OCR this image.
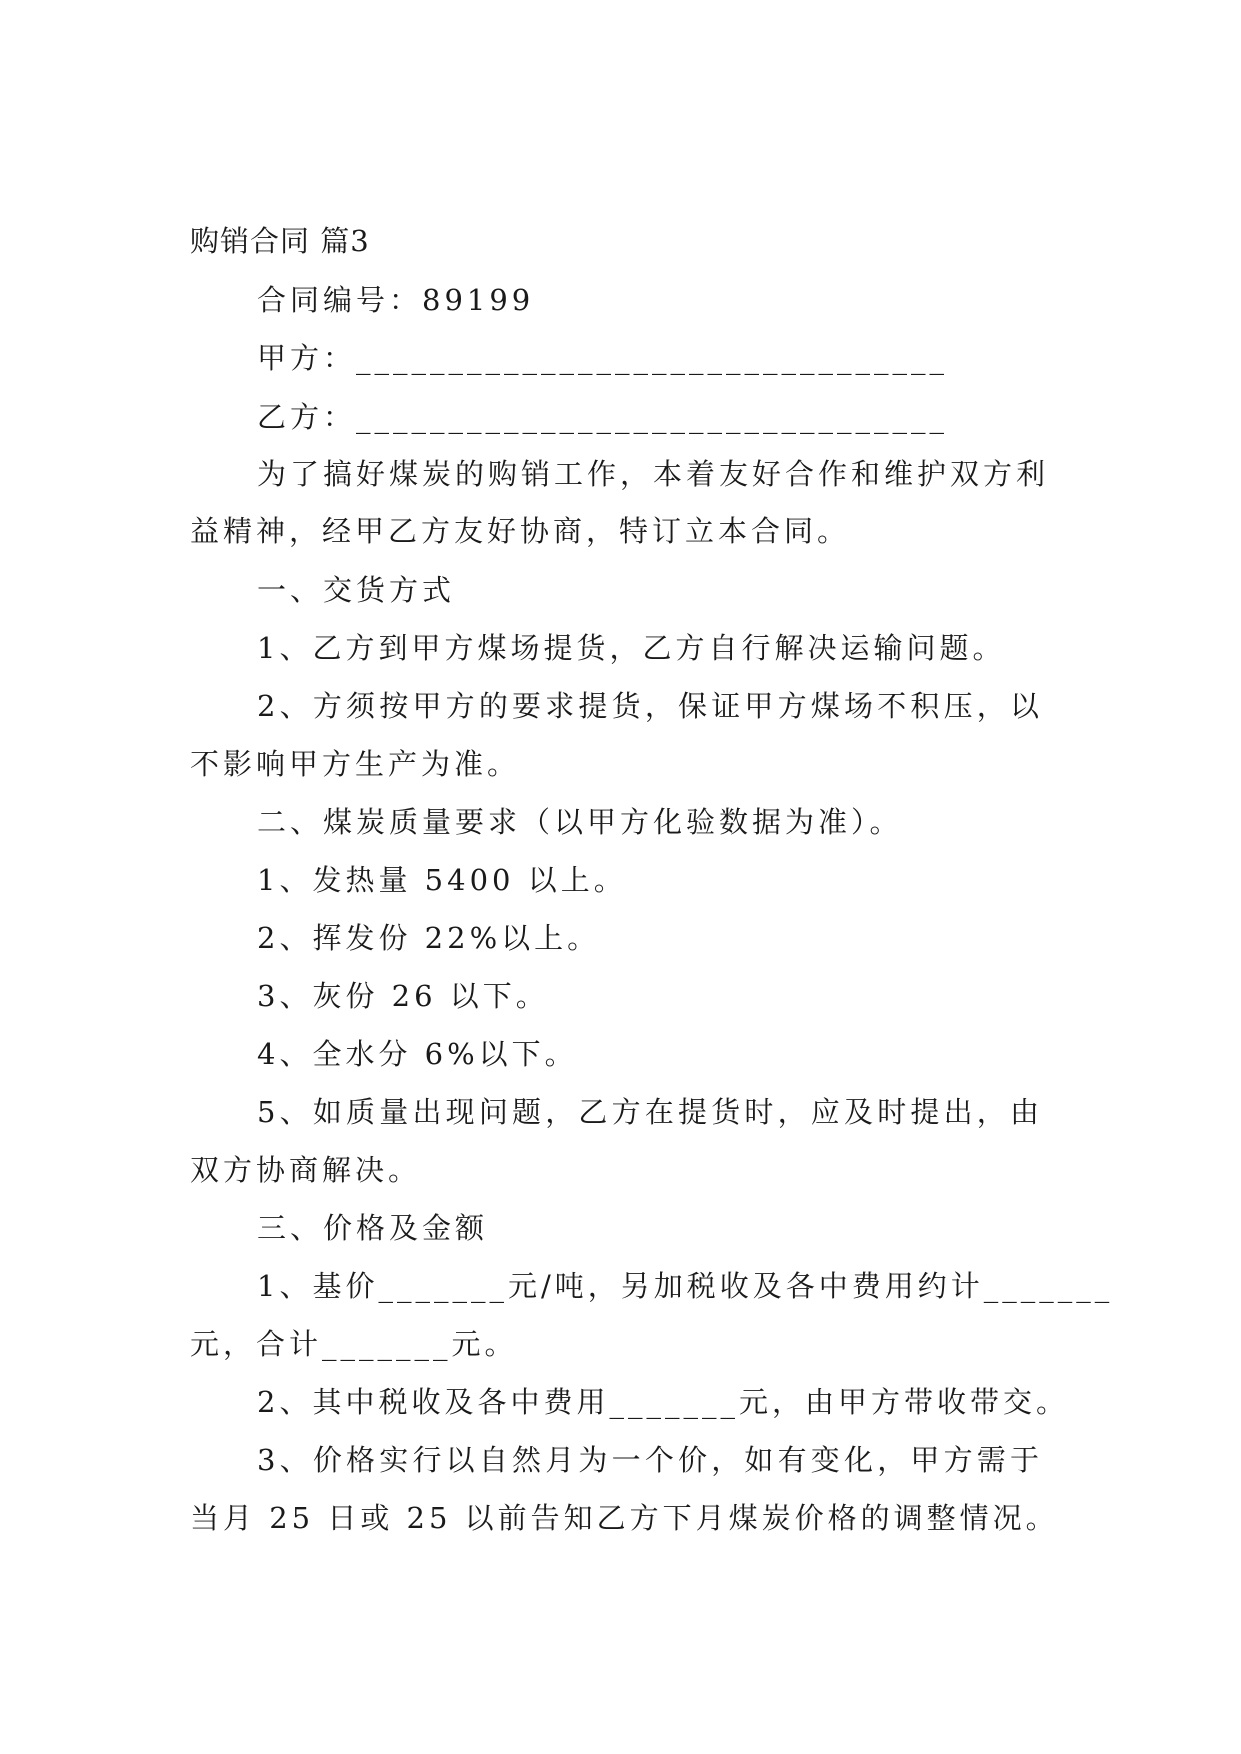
购销合同 篇3
合同编号：89199
甲方：________________________________
乙方：________________________________
为了搞好煤炭的购销工作，本着友好合作和维护双方利
益精神，经甲乙方友好协商，特订立本合同。
一、交货方式
1、乙方到甲方煤场提货，乙方自行解决运输问题。
2、方须按甲方的要求提货，保证甲方煤场不积压，以
不影响甲方生产为准。
二、煤炭质量要求（以甲方化验数据为准）。
1、发热量 5400 以上。
2、挥发份 22%以上。
3、灰份 26 以下。
4、全水分 6%以下。
5、如质量出现问题，乙方在提货时，应及时提出，由
双方协商解决。
三、价格及金额
1、基价_______元/吨，另加税收及各中费用约计_______
元，合计_______元。
2、其中税收及各中费用_______元，由甲方带收带交。
3、价格实行以自然月为一个价，如有变化，甲方需于
当月 25 日或 25 以前告知乙方下月煤炭价格的调整情况。
